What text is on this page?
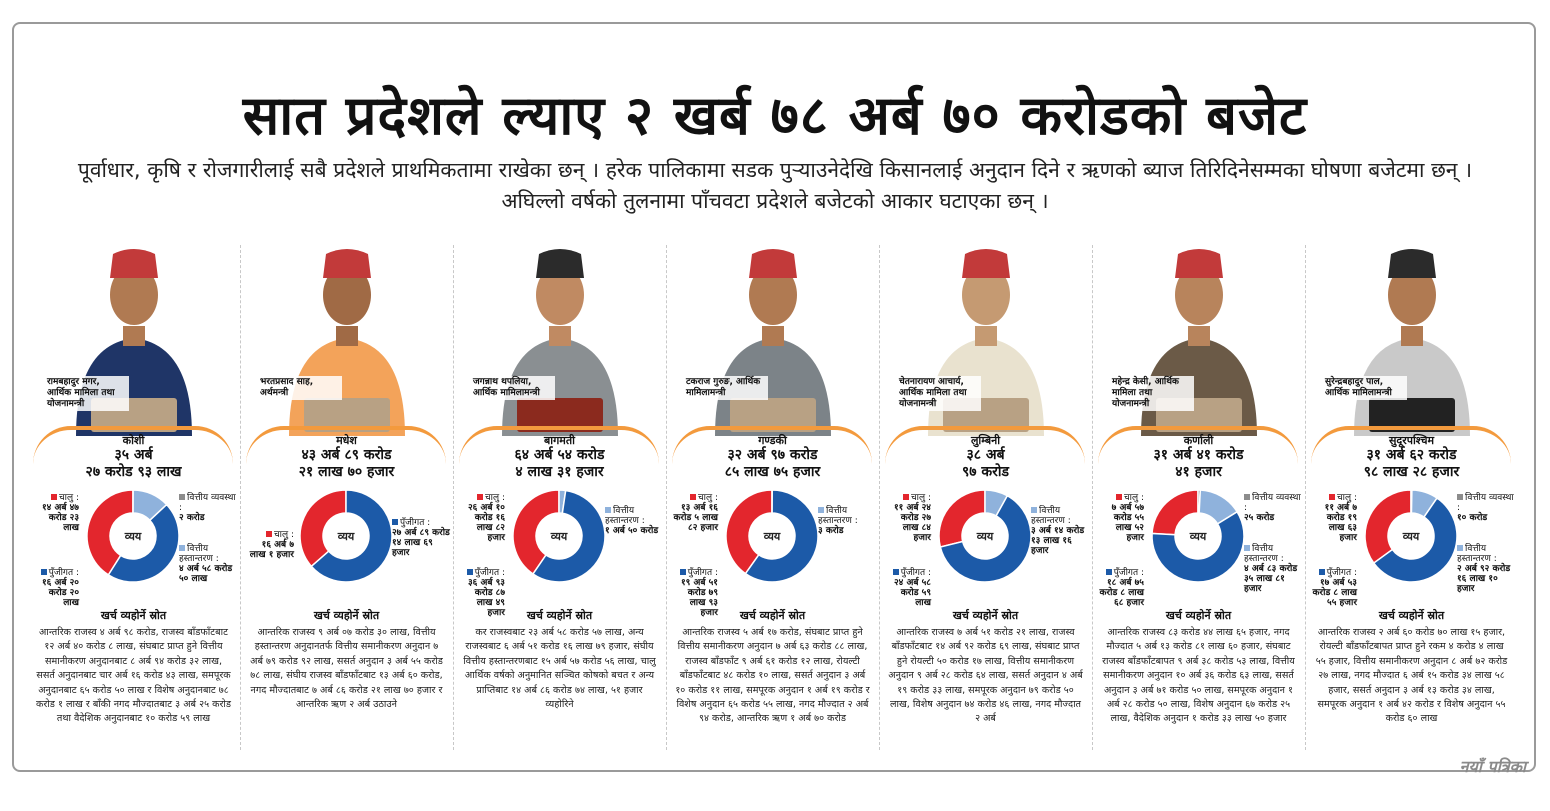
सात प्रदेशले ल्याए २ खर्ब ७८ अर्ब ७० करोडको बजेट
पूर्वाधार, कृषि र रोजगारीलाई सबै प्रदेशले प्राथमिकतामा राखेका छन् । हरेक पालिकामा सडक पुऱ्याउनेदेखि किसानलाई अनुदान दिने र ऋणको ब्याज तिरिदिनेसम्मका घोषणा बजेटमा छन् । अघिल्लो वर्षको तुलनामा पाँचवटा प्रदेशले बजेटको आकार घटाएका छन् ।
रामबहादुर मगर, आर्थिक मामिला तथा योजनामन्त्री
कोशी
३५ अर्ब
२७ करोड ९३ लाख
व्यय
चालु :
१४ अर्ब ४७ करोड २३ लाख
वित्तीय व्यवस्था :
२ करोड
वित्तीय हस्तान्तरण :
४ अर्ब ५८ करोड ५० लाख
पुँजीगत :
१६ अर्ब २० करोड २० लाख
खर्च व्यहोर्ने स्रोत
आन्तरिक राजस्व ४ अर्ब ९८ करोड, राजस्व बाँडफाँटबाट १२ अर्ब ४० करोड ८ लाख, संघबाट प्राप्त हुने वित्तीय समानीकरण अनुदानबाट ८ अर्ब ९४ करोड ३२ लाख, ससर्त अनुदानबाट चार अर्ब १६ करोड ४३ लाख, समपूरक अनुदानबाट ६५ करोड ५० लाख र विशेष अनुदानबाट ७८ करोड १ लाख र बाँकी नगद मौज्दातबाट ३ अर्ब २५ करोड तथा वैदेशिक अनुदानबाट १० करोड ५९ लाख
भरतप्रसाद साह, अर्थमन्त्री
मधेश
४३ अर्ब ८९ करोड
२१ लाख ७० हजार
व्यय
चालु :
१६ अर्ब ७ लाख १ हजार
पुँजीगत :
२७ अर्ब ८९ करोड १४ लाख ६९ हजार
खर्च व्यहोर्ने स्रोत
आन्तरिक राजस्व ९ अर्ब ०७ करोड ३० लाख, वित्तीय हस्तान्तरण अनुदानतर्फ वित्तीय समानीकरण अनुदान ७ अर्ब ७९ करोड ९२ लाख, ससर्त अनुदान ३ अर्ब ५५ करोड ७८ लाख, संघीय राजस्व बाँडफाँटबाट १३ अर्ब ६० करोड, नगद मौज्दातबाट ७ अर्ब ८६ करोड २१ लाख ७० हजार र आन्तरिक ऋण २ अर्ब उठाउने
जगन्नाथ थपलिया, आर्थिक मामिलामन्त्री
बागमती
६४ अर्ब ५४ करोड
४ लाख ३१ हजार
व्यय
चालु :
२६ अर्ब १० करोड १६ लाख ८२ हजार
वित्तीय हस्तान्तरण :
१ अर्ब ५० करोड
पुँजीगत :
३६ अर्ब ९३ करोड ८७ लाख ४९ हजार	खर्च व्यहोर्ने स्रोत
कर राजस्वबाट २३ अर्ब ५८ करोड ५७ लाख, अन्य राजस्वबाट ६ अर्ब ५१ करोड १६ लाख ७९ हजार, संघीय वित्तीय हस्तान्तरणबाट १५ अर्ब ५७ करोड ५६ लाख, चालु आर्थिक वर्षको अनुमानित सञ्चित कोषको बचत र अन्य प्राप्तिबाट १४ अर्ब ८६ करोड ७४ लाख, ५१ हजार व्यहोरिने
टकराज गुरुङ, आर्थिक मामिलामन्त्री
गण्डकी
३२ अर्ब ९७ करोड
८५ लाख ७५ हजार
व्यय
चालु :
१३ अर्ब १६ करोड ५ लाख ८२ हजार
वित्तीय हस्तान्तरण :
३ करोड
पुँजीगत :
१९ अर्ब ५१ करोड ७९ लाख ९३ हजार	खर्च व्यहोर्ने स्रोत
आन्तरिक राजस्व ५ अर्ब १७ करोड, संघबाट प्राप्त हुने वित्तीय समानीकरण अनुदान ७ अर्ब ६३ करोड ८८ लाख, राजस्व बाँडफाँट ९ अर्ब ६१ करोड १२ लाख, रोयल्टी बाँडफाँटबाट ४८ करोड १० लाख, ससर्त अनुदान ३ अर्ब १० करोड ११ लाख, समपूरक अनुदान १ अर्ब १९ करोड र विशेष अनुदान ६५ करोड ५५ लाख, नगद मौज्दात २ अर्ब ९४ करोड, आन्तरिक ऋण १ अर्ब ७० करोड
चेतनारायण आचार्य, आर्थिक मामिला तथा योजनामन्त्री
लुम्बिनी
३८ अर्ब
९७ करोड
व्यय
चालु :
११ अर्ब २४ करोड २७ लाख ८४ हजार
वित्तीय हस्तान्तरण :
३ अर्ब १४ करोड १३ लाख १६ हजार
पुँजीगत :
२४ अर्ब ५८ करोड ५९ लाख
खर्च व्यहोर्ने स्रोत
आन्तरिक राजस्व ७ अर्ब ५१ करोड २१ लाख, राजस्व बाँडफाँटबाट १४ अर्ब ९२ करोड ६९ लाख, संघबाट प्राप्त हुने रोयल्टी ५० करोड १७ लाख, वित्तीय समानीकरण अनुदान ९ अर्ब २८ करोड ६४ लाख, ससर्त अनुदान ४ अर्ब १९ करोड ३३ लाख, समपूरक अनुदान ७९ करोड ५० लाख, विशेष अनुदान ७४ करोड ४६ लाख, नगद मौज्दात २ अर्ब
महेन्द्र केसी, आर्थिक मामिला तथा योजनामन्त्री
कर्णाली
३१ अर्ब ४१ करोड
४१ हजार
व्यय
चालु :
७ अर्ब ५७ करोड ५५ लाख ५२ हजार
वित्तीय व्यवस्था :
२५ करोड
वित्तीय हस्तान्तरण :
४ अर्ब ८३ करोड ३५ लाख ८१ हजार
पुँजीगत :
१८ अर्ब ७५ करोड ८ लाख ६८ हजार
खर्च व्यहोर्ने स्रोत
आन्तरिक राजस्व ८३ करोड ४४ लाख ६५ हजार, नगद मौज्दात ५ अर्ब १३ करोड ८१ लाख ६० हजार, संघबाट राजस्व बाँडफाँटबापत ९ अर्ब ३८ करोड ५३ लाख, वित्तीय समानीकरण अनुदान १० अर्ब ३६ करोड ६३ लाख, ससर्त अनुदान ३ अर्ब ७१ करोड ५० लाख, समपूरक अनुदान १ अर्ब २८ करोड ५० लाख, विशेष अनुदान ६७ करोड २५ लाख, वैदेशिक अनुदान १ करोड ३३ लाख ५० हजार
सुरेन्द्रबहादुर पाल, आर्थिक मामिलामन्त्री
सुदूरपश्चिम
३१ अर्ब ६२ करोड
९८ लाख २८ हजार
व्यय
चालु :
११ अर्ब ७ करोड १९ लाख ६३ हजार
वित्तीय व्यवस्था :
१० करोड
वित्तीय हस्तान्तरण :
२ अर्ब ९२ करोड १६ लाख १० हजार
पुँजीगत :
१७ अर्ब ५३ करोड ८ लाख ५५ हजार
खर्च व्यहोर्ने स्रोत
आन्तरिक राजस्व २ अर्ब ६० करोड ७० लाख १५ हजार, रोयल्टी बाँडफाँटबापत प्राप्त हुने रकम ४ करोड ४ लाख ५५ हजार, वित्तीय समानीकरण अनुदान ८ अर्ब ७२ करोड २७ लाख, नगद मौज्दात ६ अर्ब १५ करोड ३४ लाख ५८ हजार, ससर्त अनुदान ३ अर्ब १३ करोड ३४ लाख, समपूरक अनुदान १ अर्ब ४२ करोड र विशेष अनुदान ५५ करोड ६० लाख
नयाँ पत्रिका
